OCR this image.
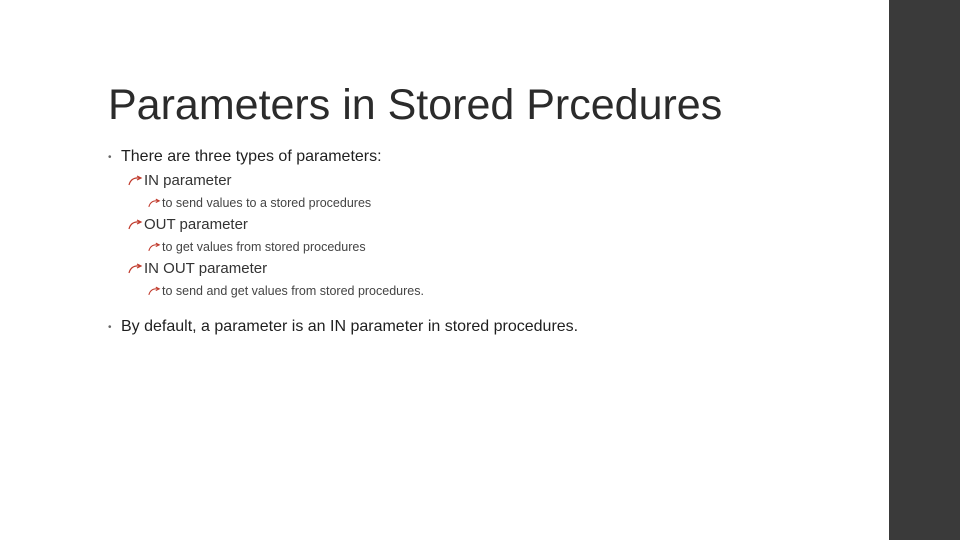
Parameters in Stored Prcedures
• There are three types of parameters:
IN parameter
to send values to a stored procedures
OUT parameter
to get values from stored procedures
IN OUT parameter
to send and get values from stored procedures.
• By default, a parameter is an IN parameter in stored procedures.
